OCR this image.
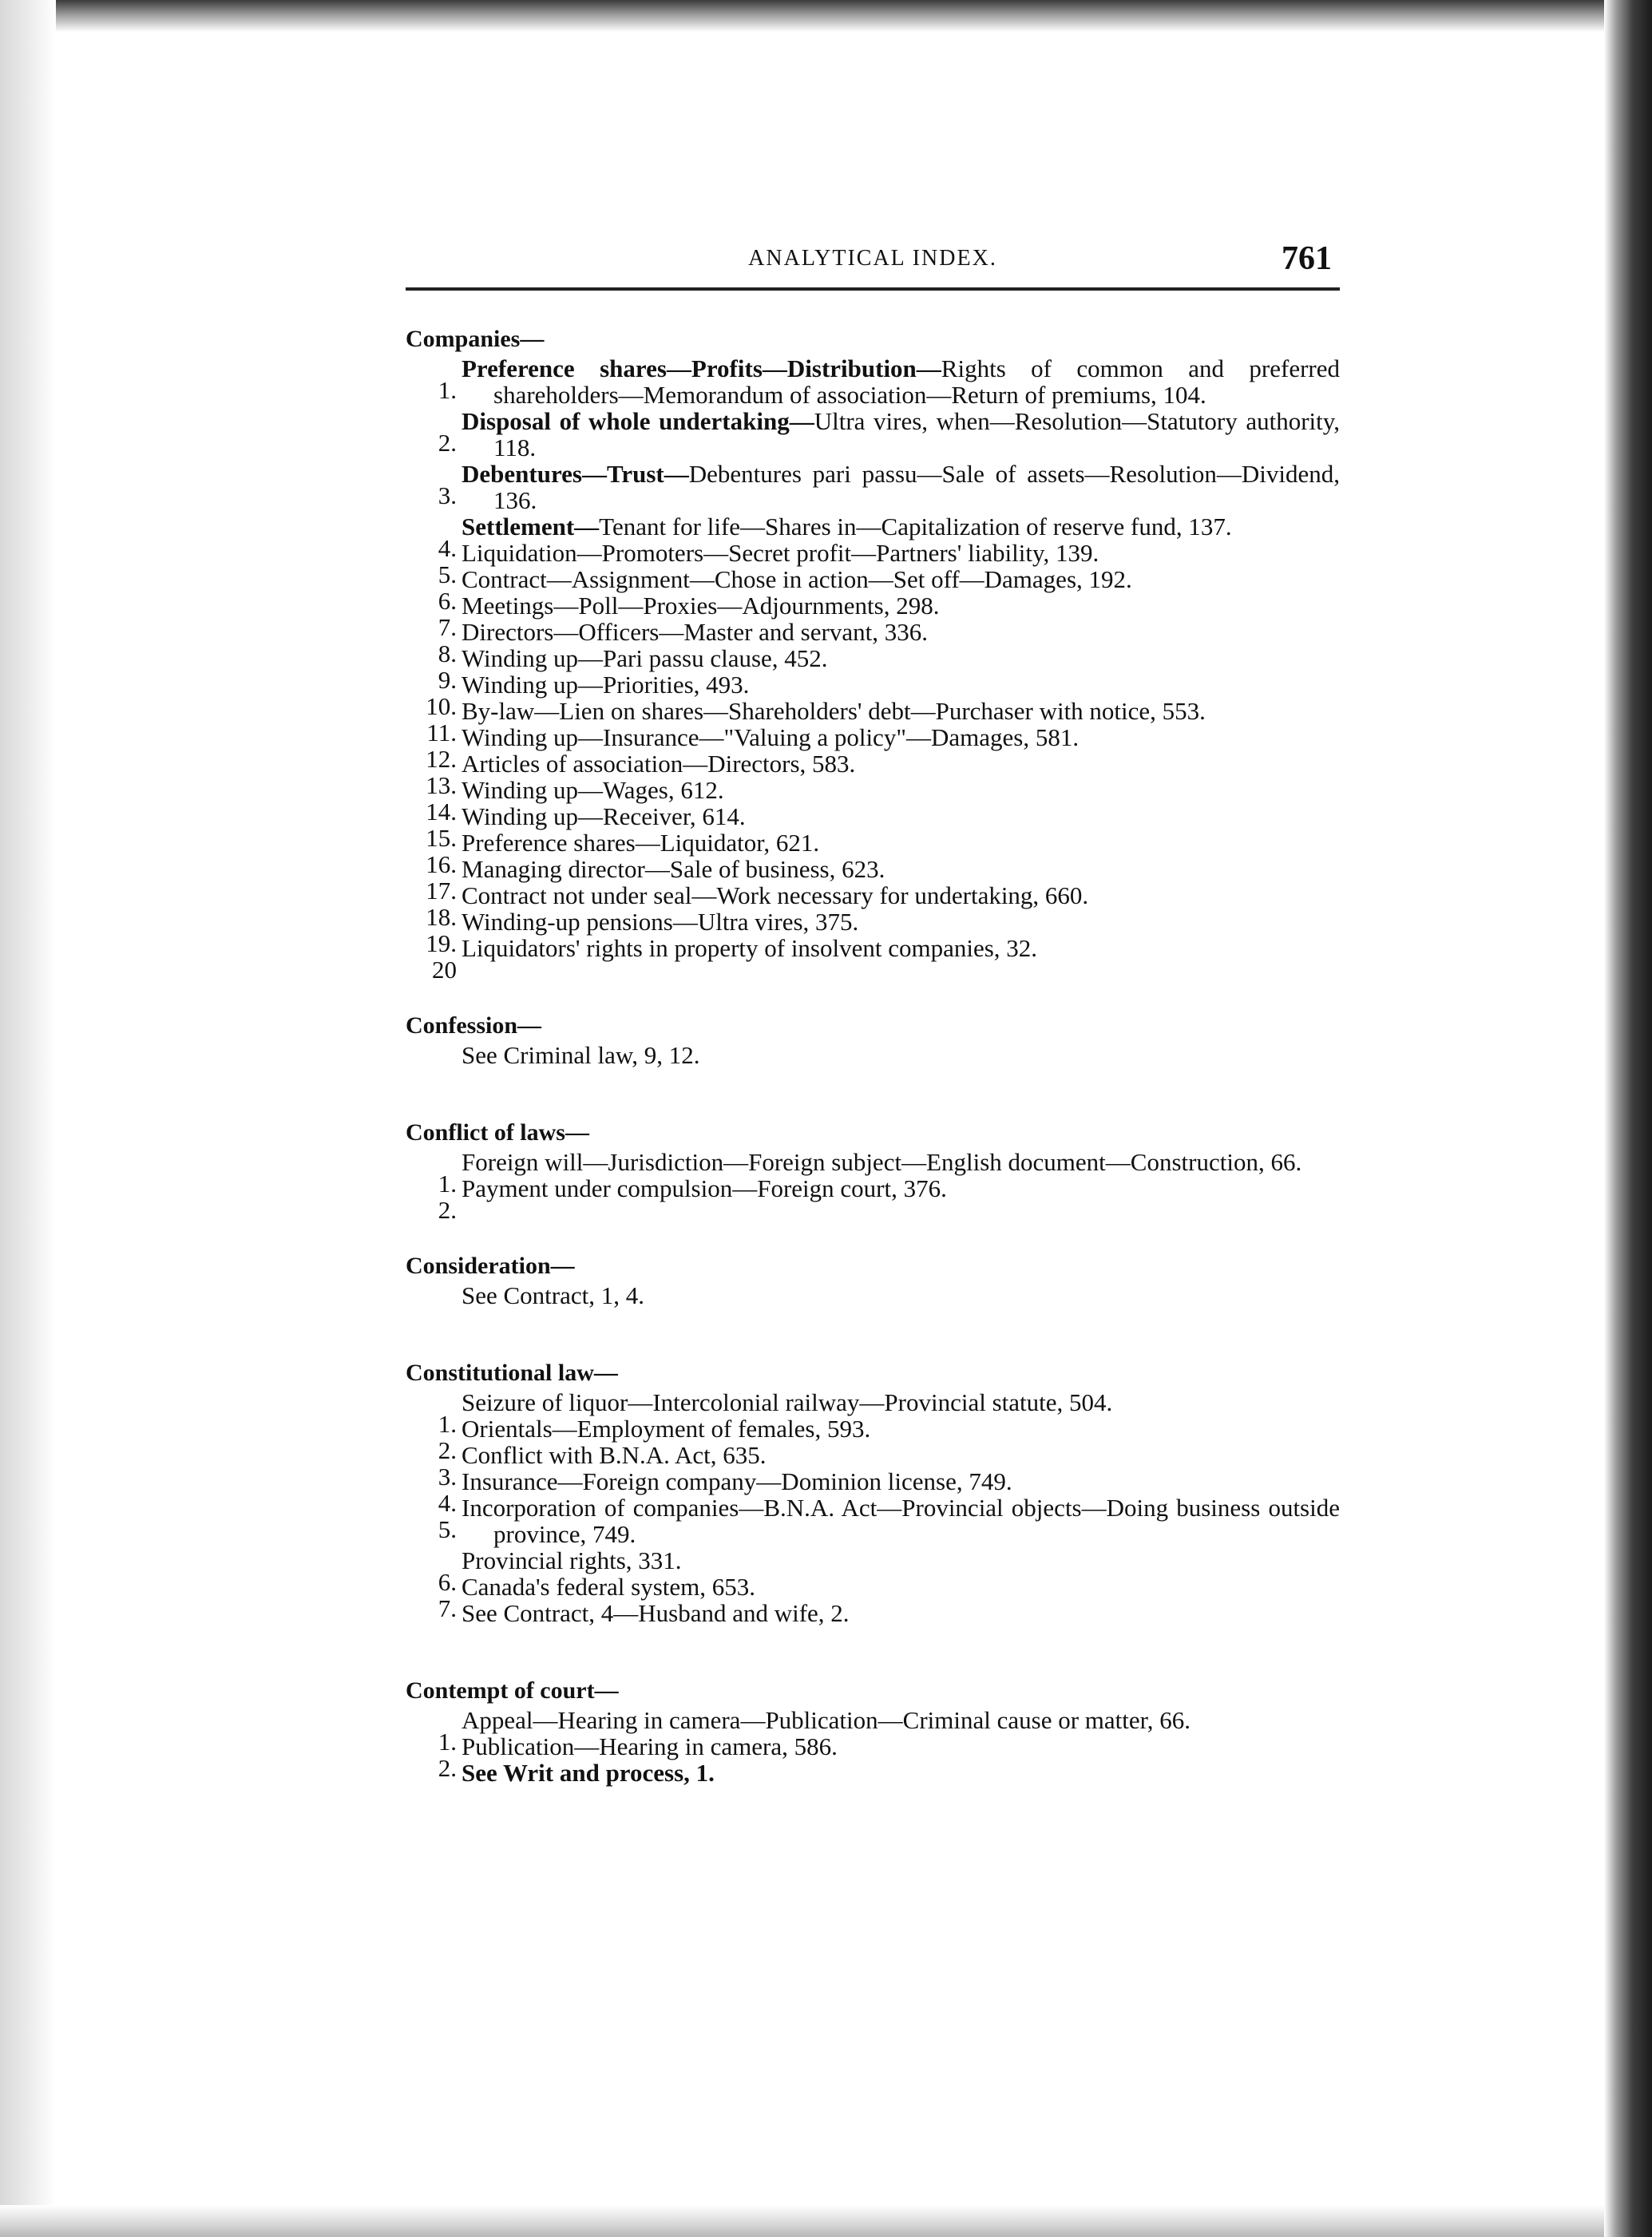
ANALYTICAL INDEX.	761
Companies—
1.
Preference shares—Profits—Distribution—Rights of common and preferred shareholders—Memorandum of association—Return of premiums, 104.
2.
Disposal of whole undertaking—Ultra vires, when—Resolution—Statutory authority, 118.
3.
Debentures—Trust—Debentures pari passu—Sale of assets—Resolution—Dividend, 136.
4.
Settlement—Tenant for life—Shares in—Capitalization of reserve fund, 137.
5.
Liquidation—Promoters—Secret profit—Partners' liability, 139.
6.
Contract—Assignment—Chose in action—Set off—Damages, 192.
7.
Meetings—Poll—Proxies—Adjournments, 298.
8.
Directors—Officers—Master and servant, 336.
9.
Winding up—Pari passu clause, 452.
10.
Winding up—Priorities, 493.
11.
By-law—Lien on shares—Shareholders' debt—Purchaser with notice, 553.
12.
Winding up—Insurance—"Valuing a policy"—Damages, 581.
13.
Articles of association—Directors, 583.
14.
Winding up—Wages, 612.
15.
Winding up—Receiver, 614.
16.
Preference shares—Liquidator, 621.
17.
Managing director—Sale of business, 623.
18.
Contract not under seal—Work necessary for undertaking, 660.
19.
Winding-up pensions—Ultra vires, 375.
20
Liquidators' rights in property of insolvent companies, 32.
Confession—
See Criminal law, 9, 12.
Conflict of laws—
1.
Foreign will—Jurisdiction—Foreign subject—English document—Construction, 66.
2.
Payment under compulsion—Foreign court, 376.
Consideration—
See Contract, 1, 4.
Constitutional law—
1.
Seizure of liquor—Intercolonial railway—Provincial statute, 504.
2.
Orientals—Employment of females, 593.
3.
Conflict with B.N.A. Act, 635.
4.
Insurance—Foreign company—Dominion license, 749.
5.
Incorporation of companies—B.N.A. Act—Provincial objects—Doing business outside province, 749.
6.
Provincial rights, 331.
7.
Canada's federal system, 653.
See Contract, 4—Husband and wife, 2.
Contempt of court—
1.
Appeal—Hearing in camera—Publication—Criminal cause or matter, 66.
2.
Publication—Hearing in camera, 586.
See Writ and process, 1.
